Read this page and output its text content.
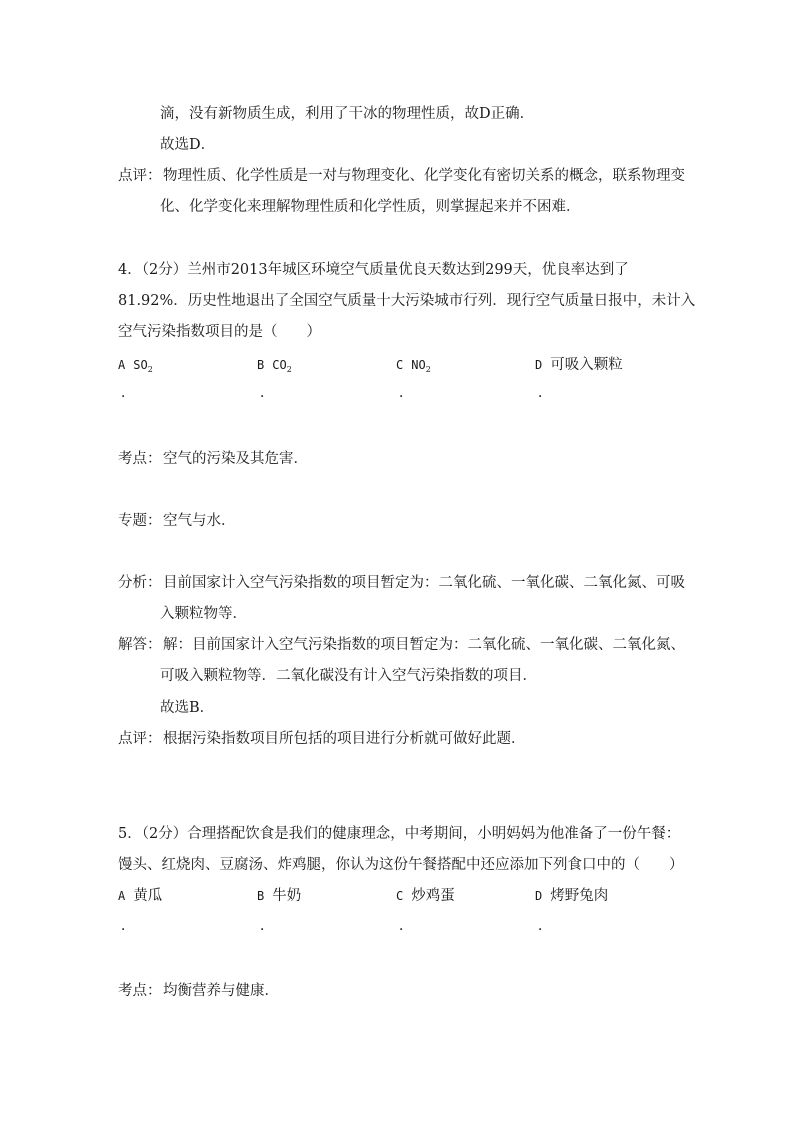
滴，没有新物质生成，利用了干冰的物理性质，故D正确．
故选D．
点评： 物理性质、化学性质是一对与物理变化、化学变化有密切关系的概念，联系物理变
化、化学变化来理解物理性质和化学性质，则掌握起来并不困难．
4．（2分）兰州市2013年城区环境空气质量优良天数达到299天，优良率达到了
81.92%．历史性地退出了全国空气质量十大污染城市行列．现行空气质量日报中，未计入
空气污染指数项目的是（　　）
A $SO_2$	B $CO_2$	C $NO_2$	D 可吸入颗粒
．	．	．	．
考点： 空气的污染及其危害．
专题： 空气与水．
分析： 目前国家计入空气污染指数的项目暂定为：二氧化硫、一氧化碳、二氧化氮、可吸
入颗粒物等．
解答： 解：目前国家计入空气污染指数的项目暂定为：二氧化硫、一氧化碳、二氧化氮、
可吸入颗粒物等．二氧化碳没有计入空气污染指数的项目．
故选B．
点评： 根据污染指数项目所包括的项目进行分析就可做好此题．
5．（2分）合理搭配饮食是我们的健康理念，中考期间，小明妈妈为他准备了一份午餐：
馒头、红烧肉、豆腐汤、炸鸡腿，你认为这份午餐搭配中还应添加下列食口中的（　　）
A 黄瓜	B 牛奶	C 炒鸡蛋	D 烤野兔肉
．	．	．	．
考点： 均衡营养与健康．
